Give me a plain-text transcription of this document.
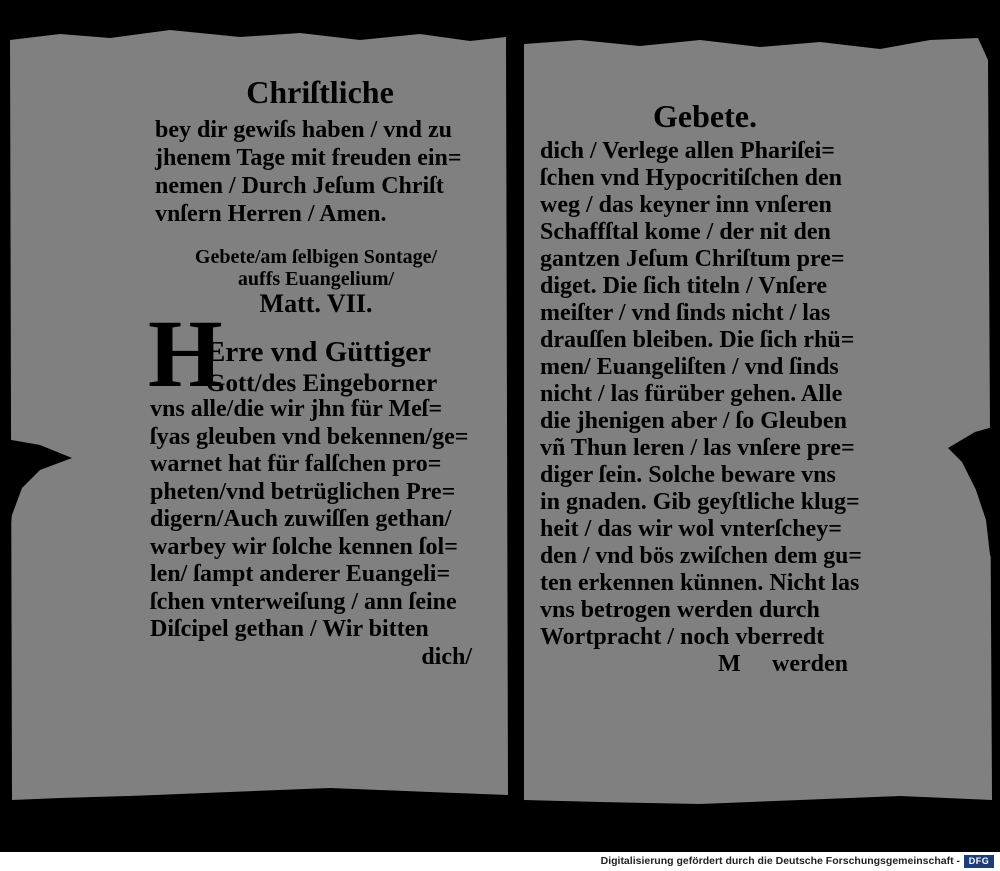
Chriſtliche
bey dir gewiſs haben / vnd zu
jhenem Tage mit freuden ein=
nemen / Durch Jeſum Chriſt
vnſern Herren / Amen.
Gebete/am ſelbigen Sontage/
auffs Euangelium/
Matt. VII.
H
Erre vnd Güttiger
Gott/des Eingeborner
vns alle/die wir jhn für Meſ=
ſyas gleuben vnd bekennen/ge=
warnet hat für falſchen pro=
pheten/vnd betrüglichen Pre=
digern/Auch zuwiſſen gethan/
warbey wir ſolche kennen ſol=
len/ ſampt anderer Euangeli=
ſchen vnterweiſung / ann ſeine
Diſcipel gethan / Wir bitten
dich/
Gebete.
dich / Verlege allen Phariſei=
ſchen vnd Hypocritiſchen den
weg / das keyner inn vnſeren
Schaffſtal kome / der nit den
gantzen Jeſum Chriſtum pre=
diget. Die ſich titeln / Vnſere
meiſter / vnd ſinds nicht / las
drauſſen bleiben. Die ſich rhü=
men/ Euangeliſten / vnd ſinds
nicht / las fürüber gehen. Alle
die jhenigen aber / ſo Gleuben
vñ Thun leren / las vnſere pre=
diger ſein. Solche beware vns
in gnaden. Gib geyſtliche klug=
heit / das wir wol vnterſchey=
den / vnd bös zwiſchen dem gu=
ten erkennen künnen. Nicht las
vns betrogen werden durch
Wortpracht / noch vberredt
M werden
Digitalisierung gefördert durch die Deutsche Forschungsgemeinschaft - DFG
